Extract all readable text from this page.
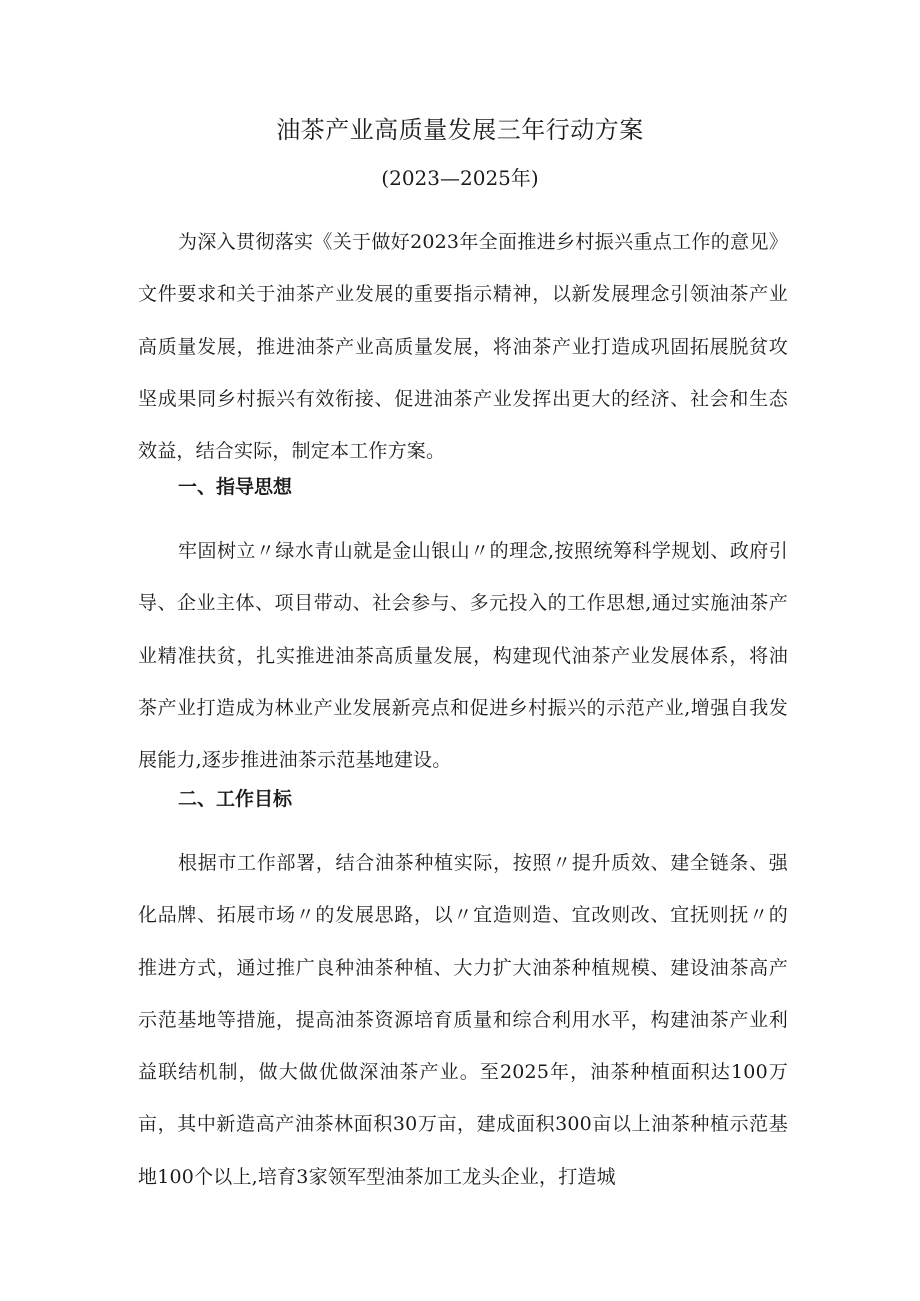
油茶产业高质量发展三年行动方案
(2023—2025年)

为深入贯彻落实《关于做好2023年全面推进乡村振兴重点工作的意见》文件要求和关于油茶产业发展的重要指示精神，以新发展理念引领油茶产业高质量发展，推进油茶产业高质量发展，将油茶产业打造成巩固拓展脱贫攻坚成果同乡村振兴有效衔接、促进油茶产业发挥出更大的经济、社会和生态效益，结合实际，制定本工作方案。

一、指导思想

牢固树立〃绿水青山就是金山银山〃的理念,按照统筹科学规划、政府引导、企业主体、项目带动、社会参与、多元投入的工作思想,通过实施油茶产业精准扶贫，扎实推进油茶高质量发展，构建现代油茶产业发展体系，将油茶产业打造成为林业产业发展新亮点和促进乡村振兴的示范产业,增强自我发展能力,逐步推进油茶示范基地建设。

二、工作目标

根据市工作部署，结合油茶种植实际，按照〃提升质效、建全链条、强化品牌、拓展市场〃的发展思路，以〃宜造则造、宜改则改、宜抚则抚〃的推进方式，通过推广良种油茶种植、大力扩大油茶种植规模、建设油茶高产示范基地等措施，提高油茶资源培育质量和综合利用水平，构建油茶产业利益联结机制，做大做优做深油茶产业。至2025年，油茶种植面积达100万亩，其中新造高产油茶林面积30万亩，建成面积300亩以上油茶种植示范基地100个以上,培育3家领军型油茶加工龙头企业，打造城
